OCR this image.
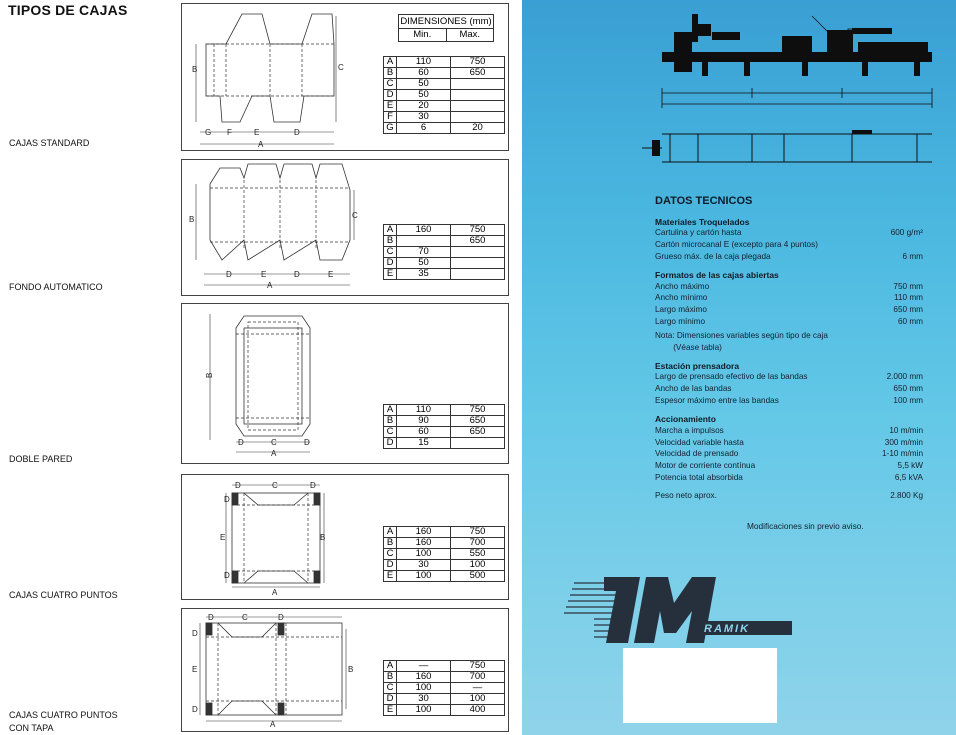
TIPOS DE CAJAS
CAJAS STANDARD
FONDO AUTOMATICO
DOBLE PARED
CAJAS CUATRO PUNTOS
CAJAS CUATRO PUNTOS
CON TAPA
B	C
G F	E	D
A
DIMENSIONES (mm)
Min.	Max.
A	110	750
B	60	650
C	50	
D	50	
E	20	
F	30	
G	6	20
B	C
D	E	D	E
A
A	160	750
B		650
C	70	
D	50	
E	35	
B
D	C	D
A
A	110	750
B	90	650
C	60	650
D	15	
D	C	D
D
E	B
D
A
A	160	750
B	160	700
C	100	550
D	30	100
E	100	500
D	C	D
D
E	B
D
A
A	—	750
B	160	700
C	100	—
D	30	100
E	100	400
DATOS TECNICOS
Materiales Troquelados
Cartulina y cartón hasta	600 g/m²
Cartón microcanal E (excepto para 4 puntos)
Grueso máx. de la caja plegada	6 mm
Formatos de las cajas abiertas
Ancho máximo	750 mm
Ancho mínimo	110 mm
Largo máximo	650 mm
Largo mínimo	60 mm
Nota: Dimensiones variables según tipo de caja
(Véase tabla)
Estación prensadora
Largo de prensado efectivo de las bandas	2.000 mm
Ancho de las bandas	650 mm
Espesor máximo entre las bandas	100 mm
Accionamiento
Marcha a impulsos	10 m/min
Velocidad variable hasta	300 m/min
Velocidad de prensado	1-10 m/min
Motor de corriente contínua	5,5 kW
Potencia total absorbida	6,5 kVA
Peso neto aprox.	2.800 Kg
Modificaciones sin previo aviso.
RAMIK
